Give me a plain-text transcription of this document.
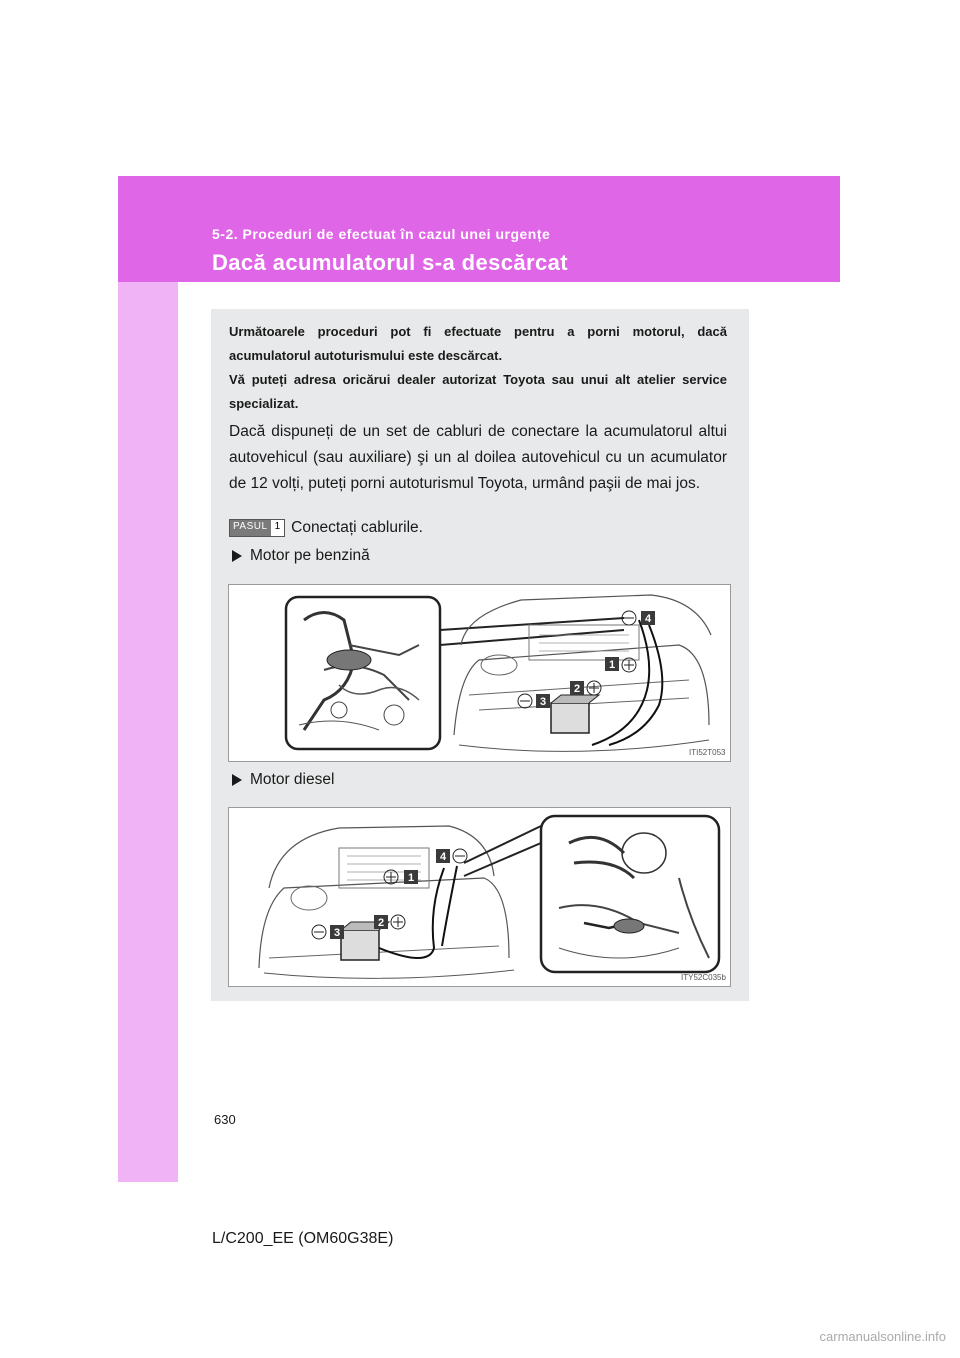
5-2. Proceduri de efectuat în cazul unei urgențe
Dacă acumulatorul s-a descărcat

Următoarele proceduri pot fi efectuate pentru a porni motorul, dacă acumulatorul autoturismului este descărcat.

Vă puteți adresa oricărui dealer autorizat Toyota sau unui alt atelier service specializat.

Dacă dispuneți de un set de cabluri de conectare la acumulatorul altui autovehicul (sau auxiliare) şi un al doilea autovehicul cu un acumulator de 12 volți, puteți porni autoturismul Toyota, urmând paşii de mai jos.

PASUL 1 Conectați cablurile.
Motor pe benzină
4
1
2
3
ITI52T053
Motor diesel
4
1
2
3
ITY52C035b
630
L/C200_EE (OM60G38E)
carmanualsonline.info
